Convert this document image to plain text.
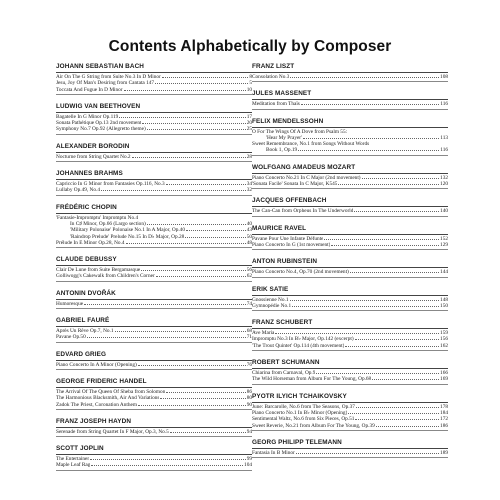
Contents Alphabetically by Composer
JOHANN SEBASTIAN BACH
Air On The G String from Suite No.3 In D Minor	8
Jesu, Joy Of Man's Desiring from Cantata 147	5
Toccata And Fugue In D Minor	10
LUDWIG VAN BEETHOVEN
Bagatelle In G Minor Op.119	17
Sonata Pathétique Op.13 2nd movement	20
Symphony No.7 Op.92 (Allegretto theme)	25
ALEXANDER BORODIN
Nocturne from String Quartet No.2	28
JOHANNES BRAHMS
Capriccio In G Minor from Fantasies Op.116, No.3	34
Lullaby Op.49, No.4	32
FRÉDÉRIC CHOPIN
'Fantasie-Impromptu' Impromptu No.4
In C♯ Minor, Op.66 (Largo section)	40
'Military Polonaise' Polonaise No.1 In A Major, Op.40	43
'Raindrop Prelude' Prelude No.15 In D♭ Major, Op.28	50
Prélude In E Minor Op.28, No.4	48
CLAUDE DEBUSSY
Clair De Lune from Suite Bergamasque	56
Golliwogg's Cakewalk from Children's Corner	62
ANTONIN DVOŘÁK
Humoresque	74
GABRIEL FAURÉ
Après Un Rêve Op.7, No.1	68
Pavane Op.50	71
EDVARD GRIEG
Piano Concerto In A Minor (Opening)	76
GEORGE FRIDERIC HANDEL
The Arrival Of The Queen Of Sheba from Solomon	86
The Harmonious Blacksmith, Air And Variations	80
Zadok The Priest, Coronation Anthem	90
FRANZ JOSEPH HAYDN
Serenade from String Quartet In F Major, Op.3, No.5	94
SCOTT JOPLIN
The Entertainer	99
Maple Leaf Rag	104
FRANZ LISZT
Consolation No.3	108
JULES MASSENET
Meditation from Thaïs	116
FELIX MENDELSSOHN
O For The Wings Of A Dove from Psalm 55:
'Hear My Prayer'	113
Sweet Remembrance, No.1 from Songs Without Words
Book 1, Op.19	116
WOLFGANG AMADEUS MOZART
Piano Concerto No.21 In C Major (2nd movement)	132
'Sonata Facile' Sonata In C Major, K545	120
JACQUES OFFENBACH
The Can-Can from Orpheus In The Underworld	140
MAURICE RAVEL
Pavane Pour Une Infante Défunte	152
Piano Concerto In G (1st movement)	129
ANTON RUBINSTEIN
Piano Concerto No.4, Op.70 (2nd movement)	144
ERIK SATIE
Gnossienne No.1	148
Gymnopédie No.1	150
FRANZ SCHUBERT
Ave Maria	159
Impromptu No.3 In B♭ Major, Op.142 (excerpt)	156
'The Trout Quintet' Op.114 (4th movement)	162
ROBERT SCHUMANN
Chiarina from Carnaval, Op.9	166
The Wild Horseman from Album For The Young, Op.68	169
PYOTR ILYICH TCHAIKOVSKY
June: Barcarolle, No.6 from The Seasons, Op.37	178
Piano Concerto No.1 In B♭ Minor (Opening)	184
Sentimental Waltz, No.6 from Six Pieces, Op.51	172
Sweet Reverie, No.21 from Album For The Young, Op.39	186
GEORG PHILIPP TELEMANN
Fantasia In B Minor	189
